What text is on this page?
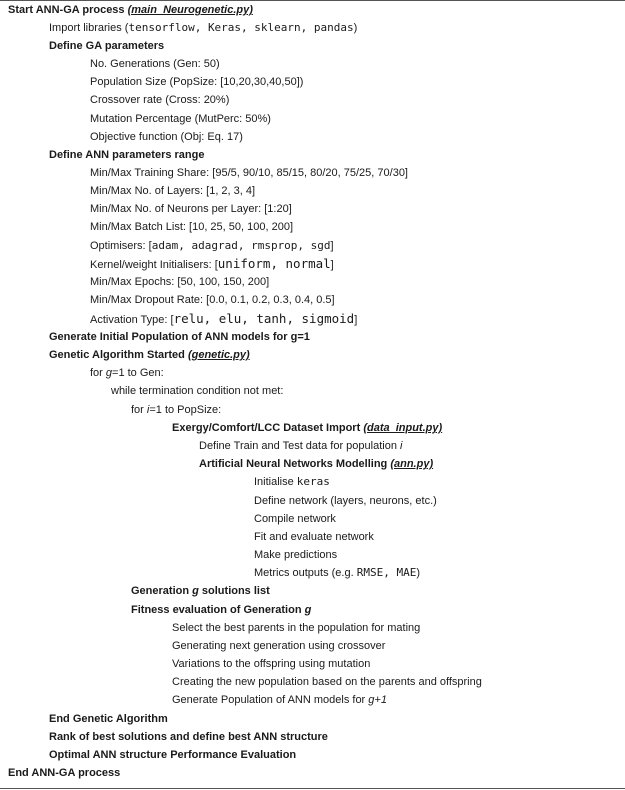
Start ANN-GA process (main_Neurogenetic.py)
Import libraries (tensorflow, Keras, sklearn, pandas)
Define GA parameters
No. Generations (Gen: 50)
Population Size (PopSize: [10,20,30,40,50])
Crossover rate (Cross: 20%)
Mutation Percentage (MutPerc: 50%)
Objective function (Obj: Eq. 17)
Define ANN parameters range
Min/Max Training Share: [95/5, 90/10, 85/15, 80/20, 75/25, 70/30]
Min/Max No. of Layers: [1, 2, 3, 4]
Min/Max No. of Neurons per Layer: [1:20]
Min/Max Batch List: [10, 25, 50, 100, 200]
Optimisers: [adam, adagrad, rmsprop, sgd]
Kernel/weight Initialisers: [uniform, normal]
Min/Max Epochs: [50, 100, 150, 200]
Min/Max Dropout Rate: [0.0, 0.1, 0.2, 0.3, 0.4, 0.5]
Activation Type: [relu, elu, tanh, sigmoid]
Generate Initial Population of ANN models for g=1
Genetic Algorithm Started (genetic.py)
for g=1 to Gen:
while termination condition not met:
for i=1 to PopSize:
Exergy/Comfort/LCC Dataset Import (data_input.py)
Define Train and Test data for population i
Artificial Neural Networks Modelling (ann.py)
Initialise keras
Define network (layers, neurons, etc.)
Compile network
Fit and evaluate network
Make predictions
Metrics outputs (e.g. RMSE, MAE)
Generation g solutions list
Fitness evaluation of Generation g
Select the best parents in the population for mating
Generating next generation using crossover
Variations to the offspring using mutation
Creating the new population based on the parents and offspring
Generate Population of ANN models for g+1
End Genetic Algorithm
Rank of best solutions and define best ANN structure
Optimal ANN structure Performance Evaluation
End ANN-GA process
